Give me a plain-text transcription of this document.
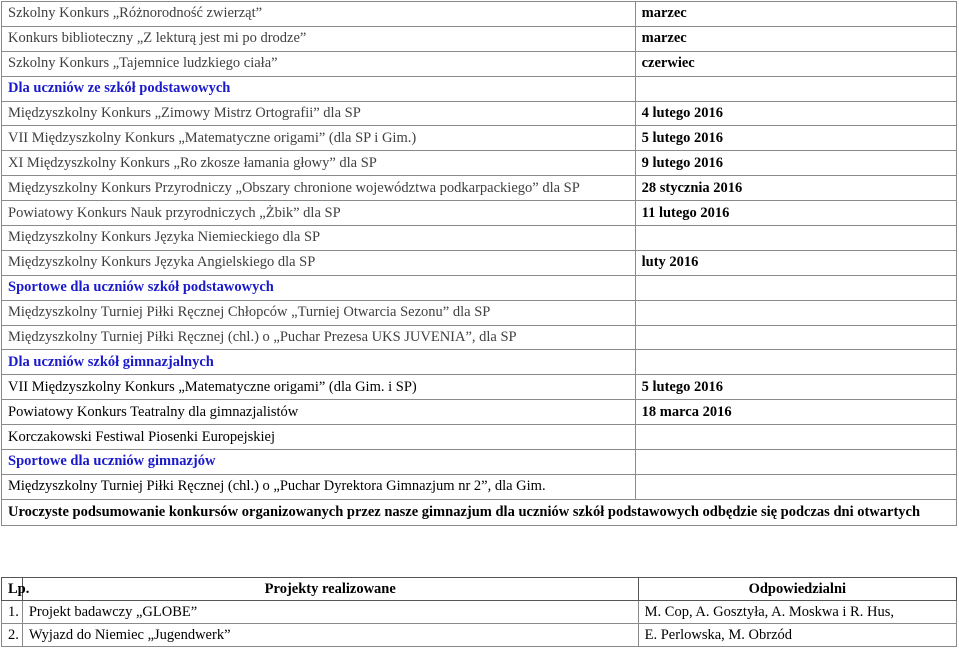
Szkolny Konkurs „Różnorodność zwierząt”	marzec
Konkurs biblioteczny „Z lekturą jest mi po drodze”	marzec
Szkolny Konkurs „Tajemnice ludzkiego ciała”	czerwiec
Dla uczniów ze szkół podstawowych	
Międzyszkolny Konkurs „Zimowy Mistrz Ortografii” dla SP	4 lutego 2016
VII Międzyszkolny Konkurs „Matematyczne origami” (dla SP i Gim.)	5 lutego 2016
XI Międzyszkolny Konkurs „Ro zkosze łamania głowy” dla SP	9 lutego 2016
Międzyszkolny Konkurs Przyrodniczy „Obszary chronione województwa podkarpackiego” dla SP	28 stycznia 2016
Powiatowy Konkurs Nauk przyrodniczych „Żbik” dla SP	11 lutego 2016
Międzyszkolny Konkurs Języka Niemieckiego dla SP	
Międzyszkolny Konkurs Języka Angielskiego dla SP	luty 2016
Sportowe dla uczniów szkół podstawowych	
Międzyszkolny Turniej Piłki Ręcznej Chłopców „Turniej Otwarcia Sezonu” dla SP	
Międzyszkolny Turniej Piłki Ręcznej (chl.) o „Puchar Prezesa UKS JUVENIA”, dla SP	
Dla uczniów szkół gimnazjalnych	
VII Międzyszkolny Konkurs „Matematyczne origami” (dla Gim. i SP)	5 lutego 2016
Powiatowy Konkurs Teatralny dla gimnazjalistów	18 marca 2016
Korczakowski Festiwal Piosenki Europejskiej	
Sportowe dla uczniów gimnazjów	
Międzyszkolny Turniej Piłki Ręcznej (chl.) o „Puchar Dyrektora Gimnazjum nr 2”, dla Gim.	
Uroczyste podsumowanie konkursów organizowanych przez nasze gimnazjum dla uczniów szkół podstawowych odbędzie się podczas dni otwartych	
Lp.	Projekty realizowane	Odpowiedzialni
1.	Projekt badawczy „GLOBE”	M. Cop, A. Gosztyła, A. Moskwa i R. Hus,
2.	Wyjazd do Niemiec „Jugendwerk”	E. Perlowska, M. Obrzód
